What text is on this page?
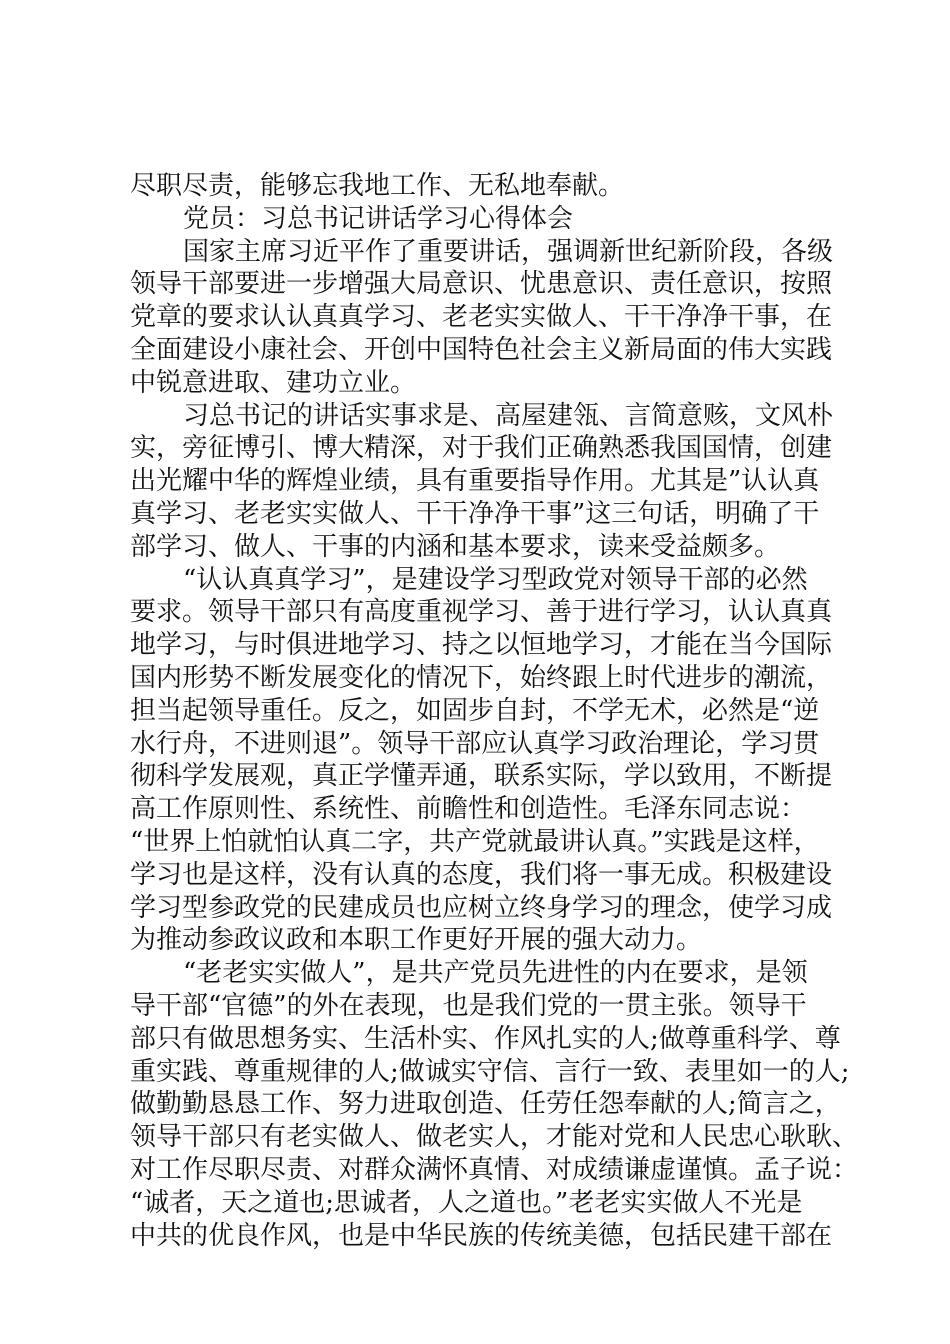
尽职尽责，能够忘我地工作、无私地奉献。
党员：习总书记讲话学习心得体会
国家主席习近平作了重要讲话，强调新世纪新阶段，各级
领导干部要进一步增强大局意识、忧患意识、责任意识，按照
党章的要求认认真真学习、老老实实做人、干干净净干事，在
全面建设小康社会、开创中国特色社会主义新局面的伟大实践
中锐意进取、建功立业。
习总书记的讲话实事求是、高屋建瓴、言简意赅，文风朴
实，旁征博引、博大精深，对于我们正确熟悉我国国情，创建
出光耀中华的辉煌业绩，具有重要指导作用。尤其是”认认真
真学习、老老实实做人、干干净净干事”这三句话，明确了干
部学习、做人、干事的内涵和基本要求，读来受益颇多。
“认认真真学习”，是建设学习型政党对领导干部的必然
要求。领导干部只有高度重视学习、善于进行学习，认认真真
地学习，与时俱进地学习、持之以恒地学习，才能在当今国际
国内形势不断发展变化的情况下，始终跟上时代进步的潮流，
担当起领导重任。反之，如固步自封，不学无术，必然是“逆
水行舟，不进则退”。领导干部应认真学习政治理论，学习贯
彻科学发展观，真正学懂弄通，联系实际，学以致用，不断提
高工作原则性、系统性、前瞻性和创造性。毛泽东同志说：
“世界上怕就怕认真二字，共产党就最讲认真。”实践是这样，
学习也是这样，没有认真的态度，我们将一事无成。积极建设
学习型参政党的民建成员也应树立终身学习的理念，使学习成
为推动参政议政和本职工作更好开展的强大动力。
“老老实实做人”，是共产党员先进性的内在要求，是领
导干部“官德”的外在表现，也是我们党的一贯主张。领导干
部只有做思想务实、生活朴实、作风扎实的人;做尊重科学、尊
重实践、尊重规律的人;做诚实守信、言行一致、表里如一的人;
做勤勤恳恳工作、努力进取创造、任劳任怨奉献的人;简言之，
领导干部只有老实做人、做老实人，才能对党和人民忠心耿耿、
对工作尽职尽责、对群众满怀真情、对成绩谦虚谨慎。孟子说：
“诚者，天之道也;思诚者，人之道也。”老老实实做人不光是
中共的优良作风，也是中华民族的传统美德，包括民建干部在
